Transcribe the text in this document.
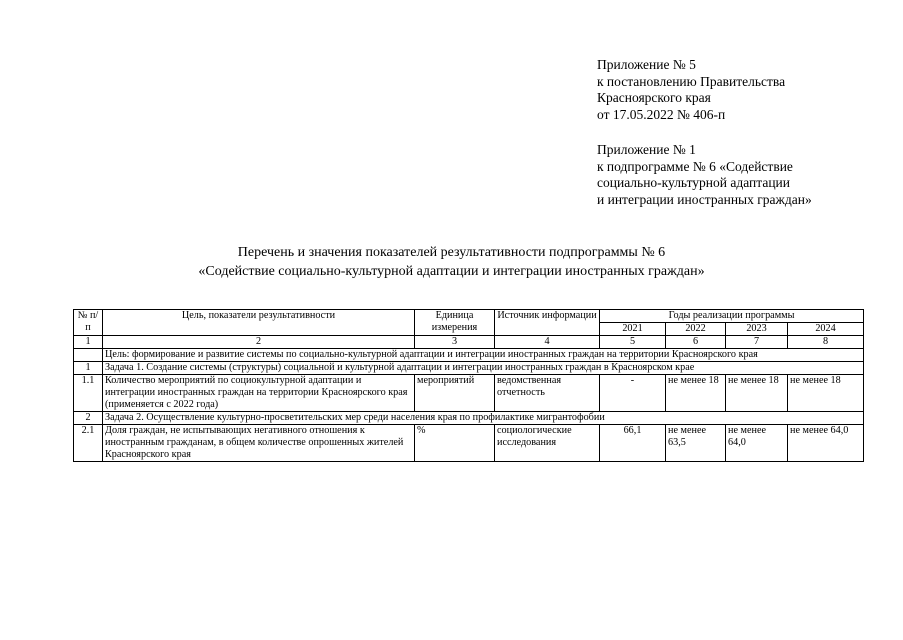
Приложение № 5
к постановлению Правительства
Красноярского края
от 17.05.2022 № 406-п
Приложение № 1
к подпрограмме № 6 «Содействие
социально-культурной адаптации
и интеграции иностранных граждан»
Перечень и значения показателей результативности подпрограммы № 6
«Содействие социально-культурной адаптации и интеграции иностранных граждан»
№ п/п	Цель, показатели результативности	Единица измерения	Источник информации	Годы реализации программы			
				2021	2022	2023	2024
1	2	3	4	5	6	7	8
	Цель: формирование и развитие системы по социально-культурной адаптации и интеграции иностранных граждан на территории Красноярского края						
1	Задача 1. Создание системы (структуры) социальной и культурной адаптации и интеграции иностранных граждан в Красноярском крае						
1.1	Количество мероприятий по социокультурной адаптации и интеграции иностранных граждан на территории Красноярского края (применяется с 2022 года)	мероприятий	ведомственная отчетность	-	не менее 18	не менее 18	не менее 18
2	Задача 2. Осуществление культурно-просветительских мер среди населения края по профилактике мигрантофобии						
2.1	Доля граждан, не испытывающих негативного отношения к иностранным гражданам, в общем количестве опрошенных жителей Красноярского края	%	социологические исследования	66,1	не менее 63,5	не менее 64,0	не менее 64,0
